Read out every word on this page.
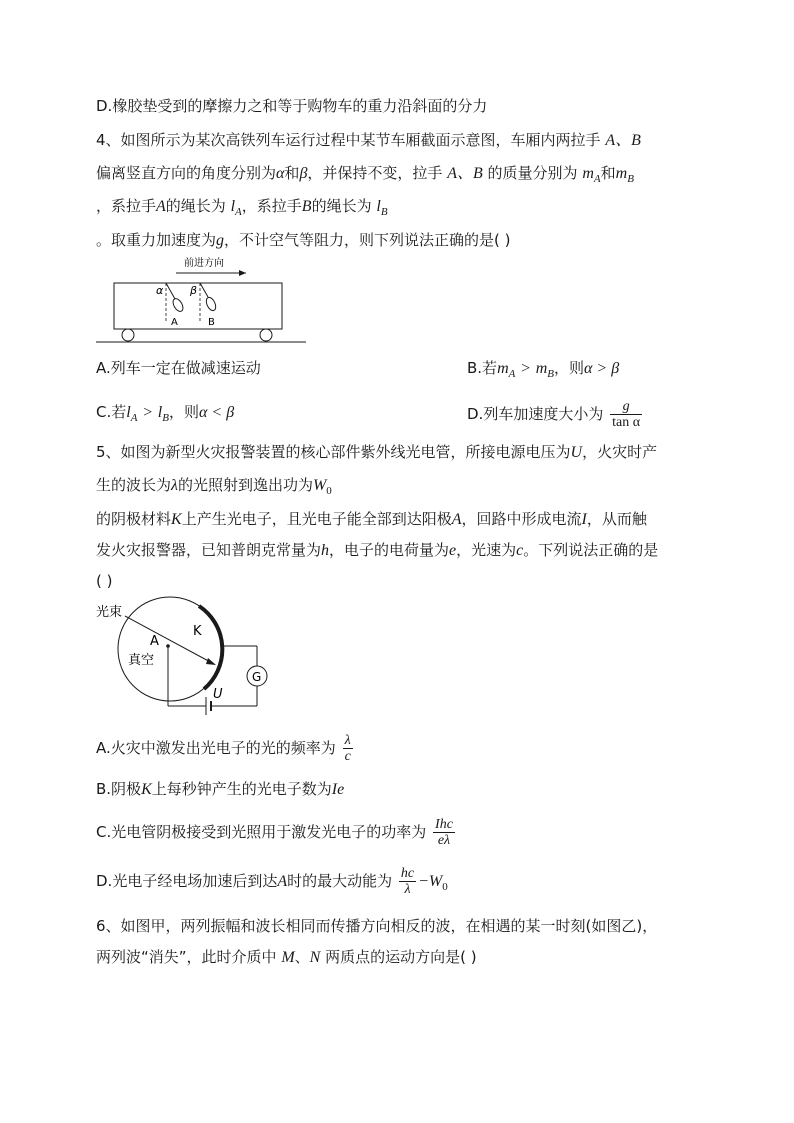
D.橡胶垫受到的摩擦力之和等于购物车的重力沿斜面的分力
4、如图所示为某次高铁列车运行过程中某节车厢截面示意图，车厢内两拉手 A、B
偏离竖直方向的角度分别为α和β，并保持不变，拉手 A、B 的质量分别为 $m_A$和$m_B$
，系拉手A的绳长为 $l_A$，系拉手B的绳长为 $l_B$
。取重力加速度为g，不计空气等阻力，则下列说法正确的是( )
前进方向
α
A
β
B
A.列车一定在做减速运动	B.若$m_A > m_B$，则α > β
C.若$l_A > l_B$，则α < β	D.列车加速度大小为 $\frac{g}{\text{tan α}}$
5、如图为新型火灾报警装置的核心部件紫外线光电管，所接电源电压为U，火灾时产
生的波长为λ的光照射到逸出功为$W_0$
的阴极材料K上产生光电子，且光电子能全部到达阳极A，回路中形成电流I，从而触
发火灾报警器，已知普朗克常量为h，电子的电荷量为e，光速为c。下列说法正确的是
( )
光束
K
A
真空
U
G
A.火灾中激发出光电子的光的频率为 $\frac{\lambda}{c}$
B.阴极K上每秒钟产生的光电子数为Ie
C.光电管阴极接受到光照用于激发光电子的功率为 $\frac{\text{Ihc}}{e\lambda}$
D.光电子经电场加速后到达A时的最大动能为 $\frac{hc}{\lambda} -W_0$
6、如图甲，两列振幅和波长相同而传播方向相反的波，在相遇的某一时刻(如图乙)，
两列波“消失”，此时介质中 M、N 两质点的运动方向是( )
